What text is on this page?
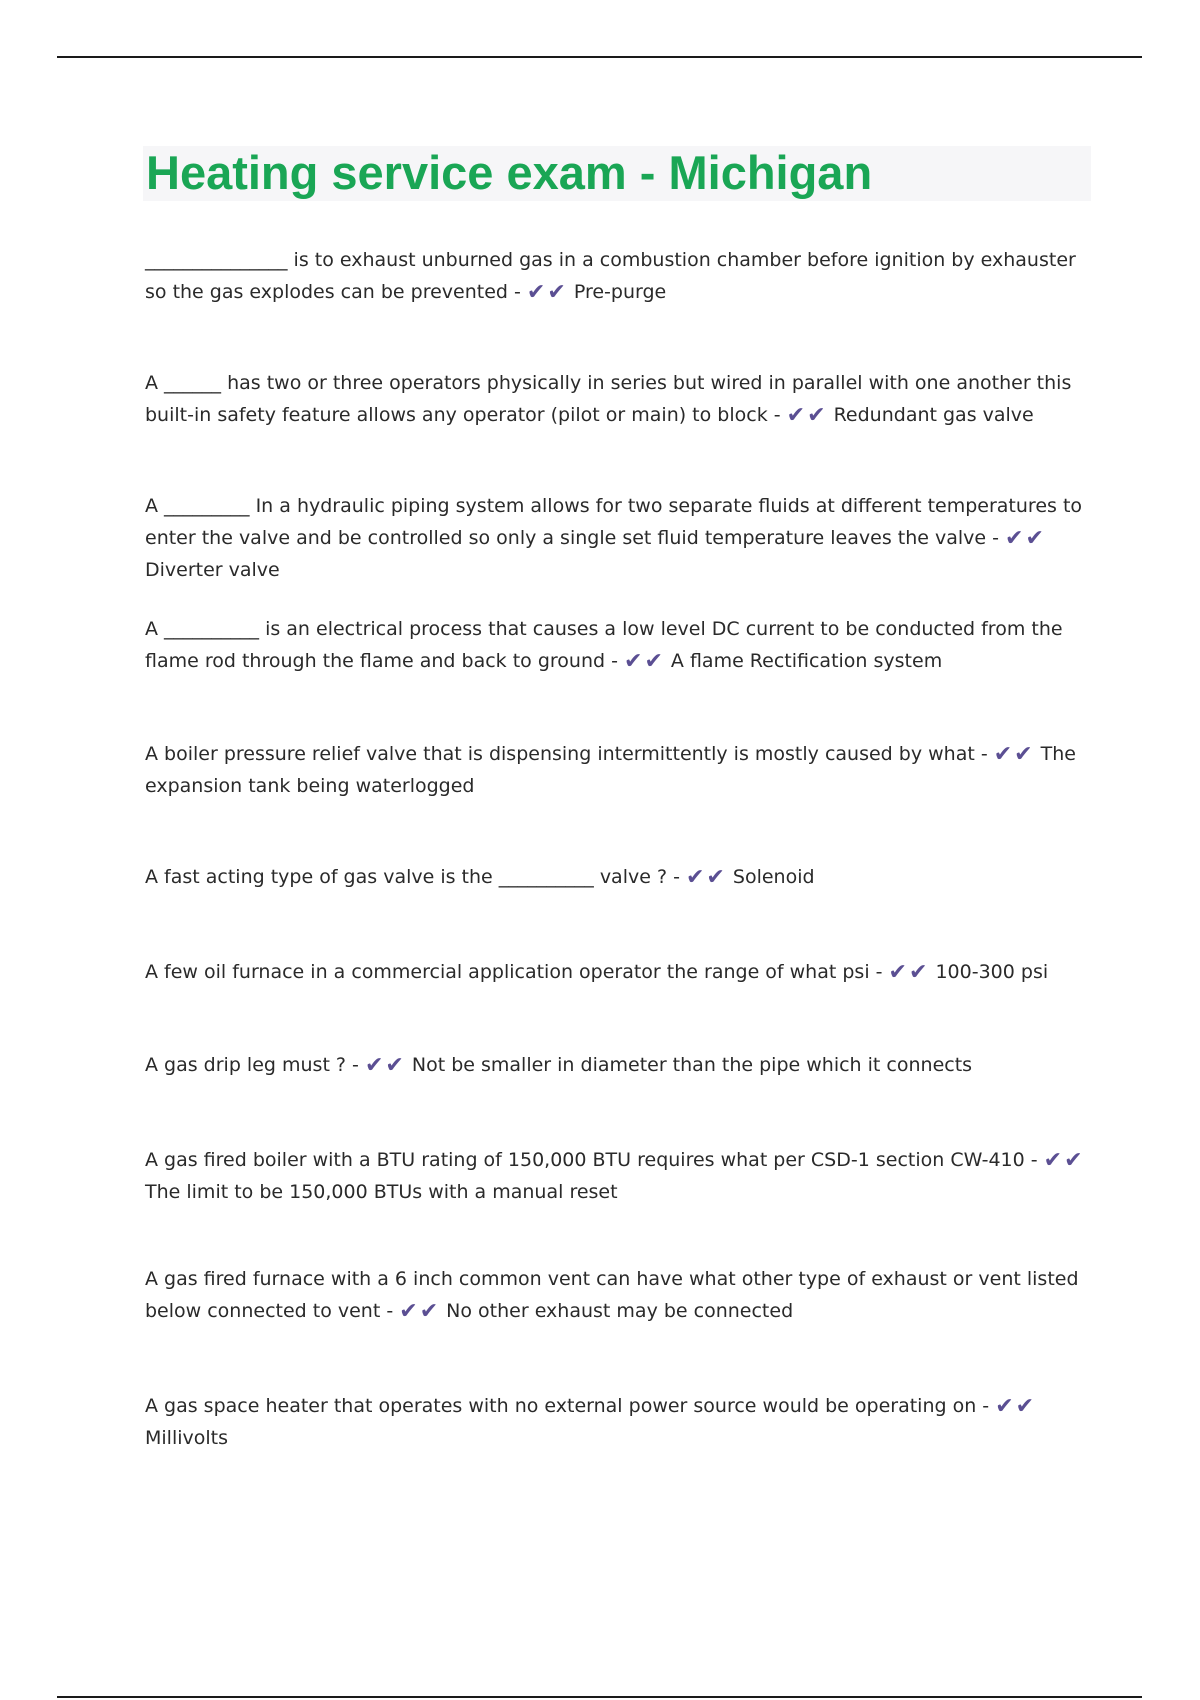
Heating service exam - Michigan
_______________ is to exhaust unburned gas in a combustion chamber before ignition by exhauster so the gas explodes can be prevented - ✔✔ Pre-purge
A ______ has two or three operators physically in series but wired in parallel with one another this built-in safety feature allows any operator (pilot or main) to block - ✔✔ Redundant gas valve
A _________ In a hydraulic piping system allows for two separate fluids at different temperatures to enter the valve and be controlled so only a single set fluid temperature leaves the valve - ✔✔ Diverter valve
A __________ is an electrical process that causes a low level DC current to be conducted from the flame rod through the flame and back to ground - ✔✔ A flame Rectification system
A boiler pressure relief valve that is dispensing intermittently is mostly caused by what - ✔✔ The expansion tank being waterlogged
A fast acting type of gas valve is the __________ valve ? - ✔✔ Solenoid
A few oil furnace in a commercial application operator the range of what psi - ✔✔ 100-300 psi
A gas drip leg must ? - ✔✔ Not be smaller in diameter than the pipe which it connects
A gas fired boiler with a BTU rating of 150,000 BTU requires what per CSD-1 section CW-410 - ✔✔ The limit to be 150,000 BTUs with a manual reset
A gas fired furnace with a 6 inch common vent can have what other type of exhaust or vent listed below connected to vent - ✔✔ No other exhaust may be connected
A gas space heater that operates with no external power source would be operating on - ✔✔ Millivolts
